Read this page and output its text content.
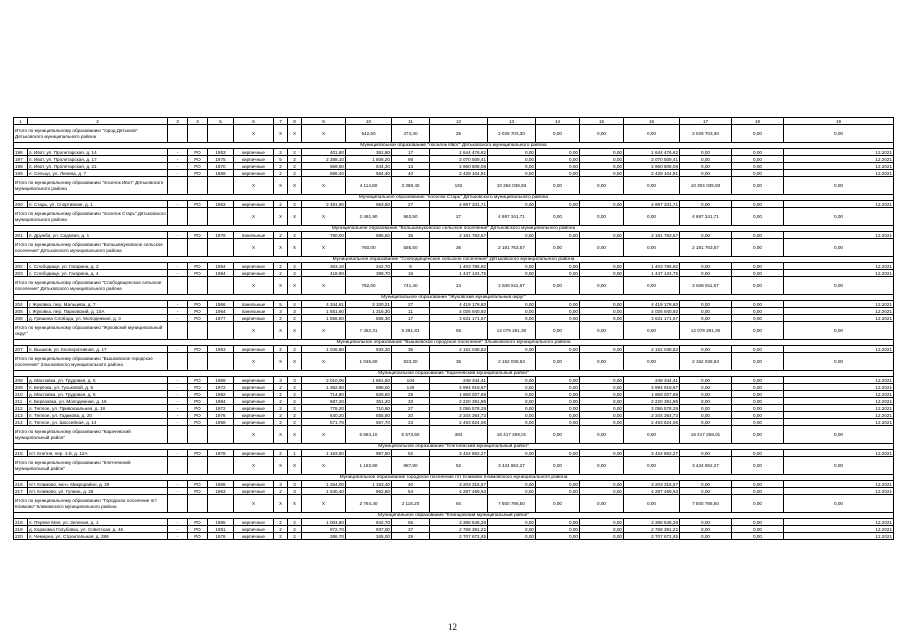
1	2	3	4	5	6	7	8	9	10	11	12	13	14	15	16	17	18	19	
Итого по муниципальному образованию "город Дятьково" Дятьковского муниципального района					X	X	X	X	542,50	474,40	25	2 029 703,30	0,00	0,00	0,00	2 029 703,30	0,00	0,00	
Муниципальное образование "поселок Ивот" Дятьковского муниципального района																			
196	п. Ивот, ул. Пролетарская, д. 14	-	РО	1953	кирпичные	2	2	401,80	381,80	17	1 644 476,62	0,00	0,00	0,00	1 644 476,62	0,00	0,00	12.2021	
197	п. Ивот, ул. Пролетарская, д. 17	-	РО	1975	кирпичные	5	2	2 358,10	1 808,20	98	3 070 509,41	0,00	0,00	0,00	3 070 509,41	0,00	0,00	12.2021	
198	п. Ивот, ул. Пролетарская, д. 21	-	РО	1970	кирпичные	2	2	669,80	644,20	13	2 960 808,09	0,00	0,00	0,00	2 960 808,09	0,00	0,00	12.2021	
199	п. Сельцо, ул. Ленина, д. 7	-	РО	1969	кирпичные	2	2	686,40	564,40	40	2 428 104,91	0,00	0,00	0,00	2 428 104,91	0,00	0,00	12.2021	
Итого по муниципальному образованию "поселок Ивот" Дятьковского муниципального района					X	X	X	X	4 114,80	3 398,40	162	10 364 039,93	0,00	0,00	0,00	10 304 039,93	0,00	0,00	
Муниципальное образование "поселок Старь" Дятьковского муниципального района																			
200	п. Старь, ул. Спортивная, д. 1	-	РО	1963	кирпичные	2	2	2 481,90	963,50	27	4 697 341,71	0,00	0,00	0,00	4 697 341,71	0,00	0,00	12.2021	
Итого по муниципальному образованию "поселок Старь" Дятьковского муниципального района					X	X	X	X	2 481,90	963,50	27	4 697 341,71	0,00	0,00	0,00	4 697 341,71	0,00	0,00	
Муниципальное образование "Большежуковское сельское поселение" Дятьковского муниципального района																			
201	п. Дружба, ул. Садовая, д. 1	-	РО	1979	панельные	2	2	760,00	585,50	36	2 181 763,57	0,00	0,00	0,00	2 181 763,57	0,00	0,00	12.2021	
Итого по муниципальному образованию "Большежуковское сельское поселение" Дятьковского муниципального района					X	X	X	X	760,00	585,50	36	2 181 763,57	0,00	0,00	0,00	2 181 763,57	0,00	0,00	
Муниципальное образование "Слободищенское сельское поселение" Дятьковского муниципального района																			
202	с. Слободище, ул. Гагарина, д. 2	-	РО	1964	кирпичные	2	2	363,10	342,70	8	1 403 786,92	0,00	0,00	0,00	1 403 786,92	0,00	0,00	12.2021	
203	с. Слободище, ул. Гагарина, д. 4	-	РО	1964	кирпичные	2	2	418,90	398,70	16	1 447 124,75	0,00	0,00	0,00	1 447 124,75	0,00	0,00	12.2021	
Итого по муниципальному образованию "Слободищенское сельское поселение" Дятьковского муниципального района					X	X	X	X	782,00	741,40	24	2 846 911,67	0,00	0,00	0,00	2 846 911,67	0,00	0,00	
Муниципальное образование "Жуковский муниципальный округ"																			
204	г. Жуковка, пер. Мальцева, д. 7	-	РО	1966	панельные	5	4	4 344,61	3 100,21	27	4 419 178,80	0,00	0,00	0,00	4 419 178,80	0,00	0,00	12.2021	
205	г. Жуковка, пер. Парковский, д. 10А	-	РО	1984	панельные	3	3	1 551,60	1 316,30	11	4 026 940,92	0,00	0,00	0,00	4 026 940,92	0,00	0,00	12.2021	
206	д. Гришина Слобода, ул. Молодежная, д. 3	-	РО	1977	кирпичные	2	2	1 556,80	865,30	17	3 631 171,67	0,00	0,00	0,00	3 631 171,67	0,00	0,00	12.2021	
Итого по муниципальному образованию "Жуковский муниципальный округ"					X	X	X	X	7 452,31	5 281,81	55	12 079 291,30	0,00	0,00	0,00	12 079 291,30	0,00	0,00	
Муниципальное образование "Вышковское городское поселение" Злынковского муниципального района																			
207	п. Вышков, ул. Кооперативная, д. 17	-	РО	1963	кирпичные	2	2	1 045,60	933,30	35	2 152 038,63	0,00	0,00	0,00	2 152 038,63	0,00	0,00	12.2021	
Итого по муниципальному образованию "Вышковское городское поселение" Злынковского муниципального района					X	X	X	X	1 045,60	933,30	35	2 152 038,63	0,00	0,00	0,00	2 152 038,63	0,00	0,00	
Муниципальное образование "Карачевский муниципальный район"																			
208	д. Масловка, ул. Трудовая, д. 5	-	РО	1989	кирпичные	3	3	2 010,06	1 861,50	104	348 344,41	0,00	0,00	0,00	348 344,41	0,00	0,00	12.2021	
209	п. Берёзка, ул. Гуськовой, д. 5	-	РО	1972	кирпичные	2	2	1 362,80	898,00	149	3 994 919,67	0,00	0,00	0,00	3 994 919,67	0,00	0,00	12.2021	
210	д. Масловка, ул. Трудовая, д. 6	-	РО	1982	кирпичные	2	2	714,80	629,60	28	1 959 027,89	0,00	0,00	0,00	1 959 027,89	0,00	0,00	12.2021	
211	п. Березовка, ул. Молодежная, д. 16	-	РО	1984	кирпичные	2	2	587,20	351,20	33	2 220 391,96	0,00	0,00	0,00	2 220 391,96	0,00	0,00	12.2021	
212	п. Теплое, ул. Привокзальная, д. 18	-	РО	1972	кирпичные	2	2	778,20	710,60	27	3 056 578,29	0,00	0,00	0,00	3 056 578,29	0,00	0,00	12.2021	
213	п. Теплое, ул. Гадикова, д. 20	-	РО	1976	кирпичные	2	2	640,20	555,80	20	2 344 364,73	0,00	0,00	0,00	2 344 364,73	0,00	0,00	12.2021	
214	п. Теплое, ул. Шоссейная, д. 14	-	РО	1958	кирпичные	2	2	571,70	557,70	23	2 493 624,06	0,00	0,00	0,00	2 493 624,06	0,00	0,00	12.2021	
Итого по муниципальному образованию "Карачевский муниципальный район"					X	X	X	X	6 664,10	5 573,60	384	16 417 259,01	0,00	0,00	0,00	16 417 259,01	0,00	0,00	
Муниципальное образование "Клетнянский муниципальный район"																			
215	пгт. Клетня, пер. 1-й, д. 12А	-	РО	1978	кирпичные	2	1	1 163,80	987,80	52	3 424 862,27	0,00	0,00	0,00	3 424 862,27	0,00	0,00	12.2021	
Итого по муниципальному образованию "Клетнянский муниципальный район"					X	X	X	X	1 163,80	987,80	52	3 424 862,27	0,00	0,00	0,00	3 424 862,27	0,00	0,00	
Муниципальное образование городское поселение пгт Климово Климовского муниципального района																			
216	пгт. Климово, мк-н. Микрорайон, д. 28	-	РО	1986	кирпичные	3	3	1 254,00	1 153,40	40	3 203 316,57	0,00	0,00	0,00	3 203 316,57	0,00	0,00	12.2021	
217	пгт. Климово, ул. Гулина, д. 28	-	РО	1963	кирпичные	2	3	1 530,40	962,80	54	4 297 469,93	0,00	0,00	0,00	4 297 469,93	0,00	0,00	12.2021	
Итого по муниципальному образованию "Городское поселение пгт Климово" Климовского муниципального района					X	X	X	X	2 784,40	2 116,20	94	7 500 786,50	0,00	0,00	0,00	7 500 786,50	0,00	0,00	
Муниципальное образование "Клинцовский муниципальный район"																			
218	п. Первое Мая, ул. Зеленая, д. 1	-	РО	1965	кирпичные	2	2	1 004,60	942,70	56	3 388 546,26	0,00	0,00	0,00	3 388 546,26	0,00	0,00	12.2021	
219	д. Коржовка Голубовка, ул. Советская, д. 46	-	РО	1991	кирпичные	2	2	972,70	937,00	37	2 768 391,22	0,00	0,00	0,00	2 768 391,22	0,00	0,00	12.2021	
220	п. Чемерна, ул. Строительная, д. 286	-	РО	1976	кирпичные	2	2	386,70	345,00	29	2 707 672,45	0,00	0,00	0,00	2 707 672,45	0,00	0,00	12.2021	
12
